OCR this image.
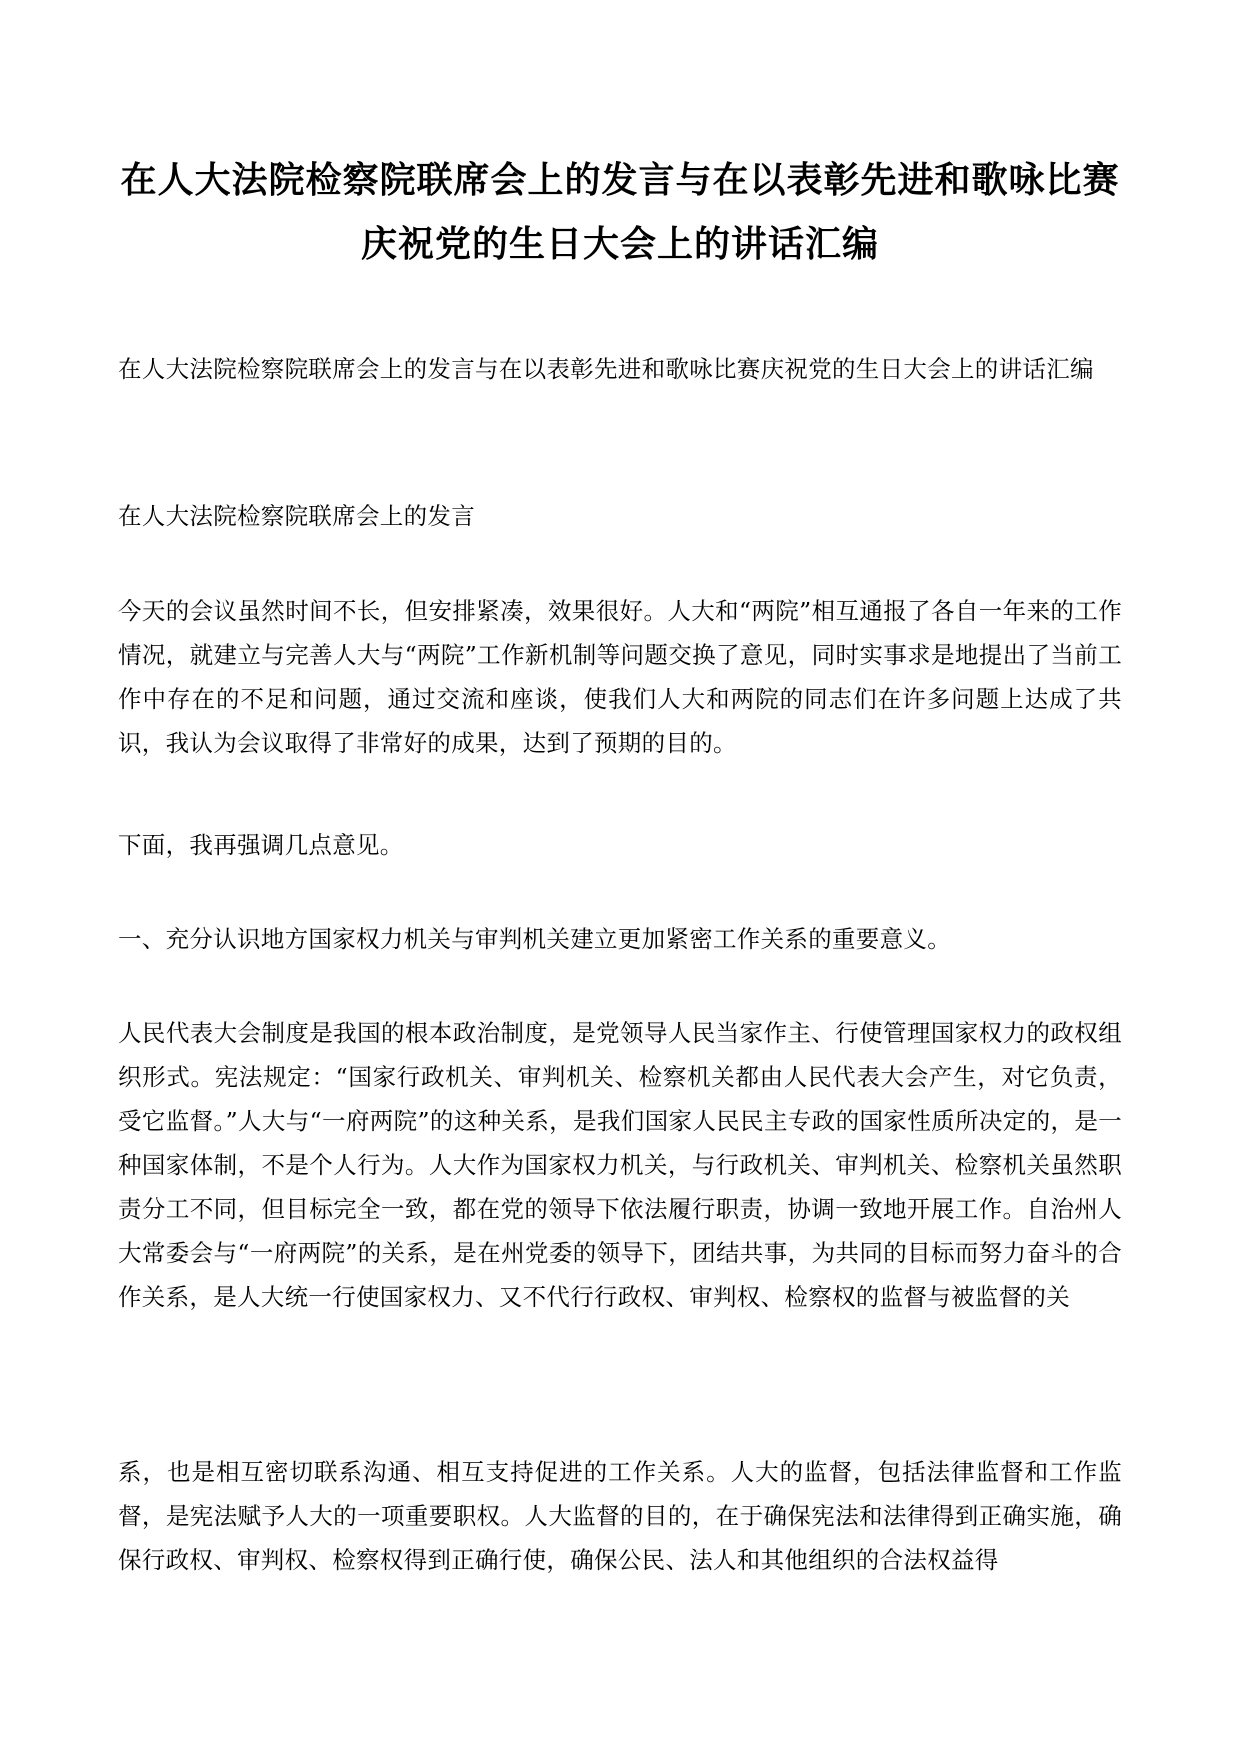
在人大法院检察院联席会上的发言与在以表彰先进和歌咏比赛庆祝党的生日大会上的讲话汇编

在人大法院检察院联席会上的发言与在以表彰先进和歌咏比赛庆祝党的生日大会上的讲话汇编

在人大法院检察院联席会上的发言

今天的会议虽然时间不长，但安排紧凑，效果很好。人大和“两院”相互通报了各自一年来的工作情况，就建立与完善人大与“两院”工作新机制等问题交换了意见，同时实事求是地提出了当前工作中存在的不足和问题，通过交流和座谈，使我们人大和两院的同志们在许多问题上达成了共识，我认为会议取得了非常好的成果，达到了预期的目的。

下面，我再强调几点意见。

一、充分认识地方国家权力机关与审判机关建立更加紧密工作关系的重要意义。

人民代表大会制度是我国的根本政治制度，是党领导人民当家作主、行使管理国家权力的政权组织形式。宪法规定：“国家行政机关、审判机关、检察机关都由人民代表大会产生，对它负责，受它监督。”人大与“一府两院”的这种关系，是我们国家人民民主专政的国家性质所决定的，是一种国家体制，不是个人行为。人大作为国家权力机关，与行政机关、审判机关、检察机关虽然职责分工不同，但目标完全一致，都在党的领导下依法履行职责，协调一致地开展工作。自治州人大常委会与“一府两院”的关系，是在州党委的领导下，团结共事，为共同的目标而努力奋斗的合作关系，是人大统一行使国家权力、又不代行行政权、审判权、检察权的监督与被监督的关

系，也是相互密切联系沟通、相互支持促进的工作关系。人大的监督，包括法律监督和工作监督，是宪法赋予人大的一项重要职权。人大监督的目的，在于确保宪法和法律得到正确实施，确保行政权、审判权、检察权得到正确行使，确保公民、法人和其他组织的合法权益得
